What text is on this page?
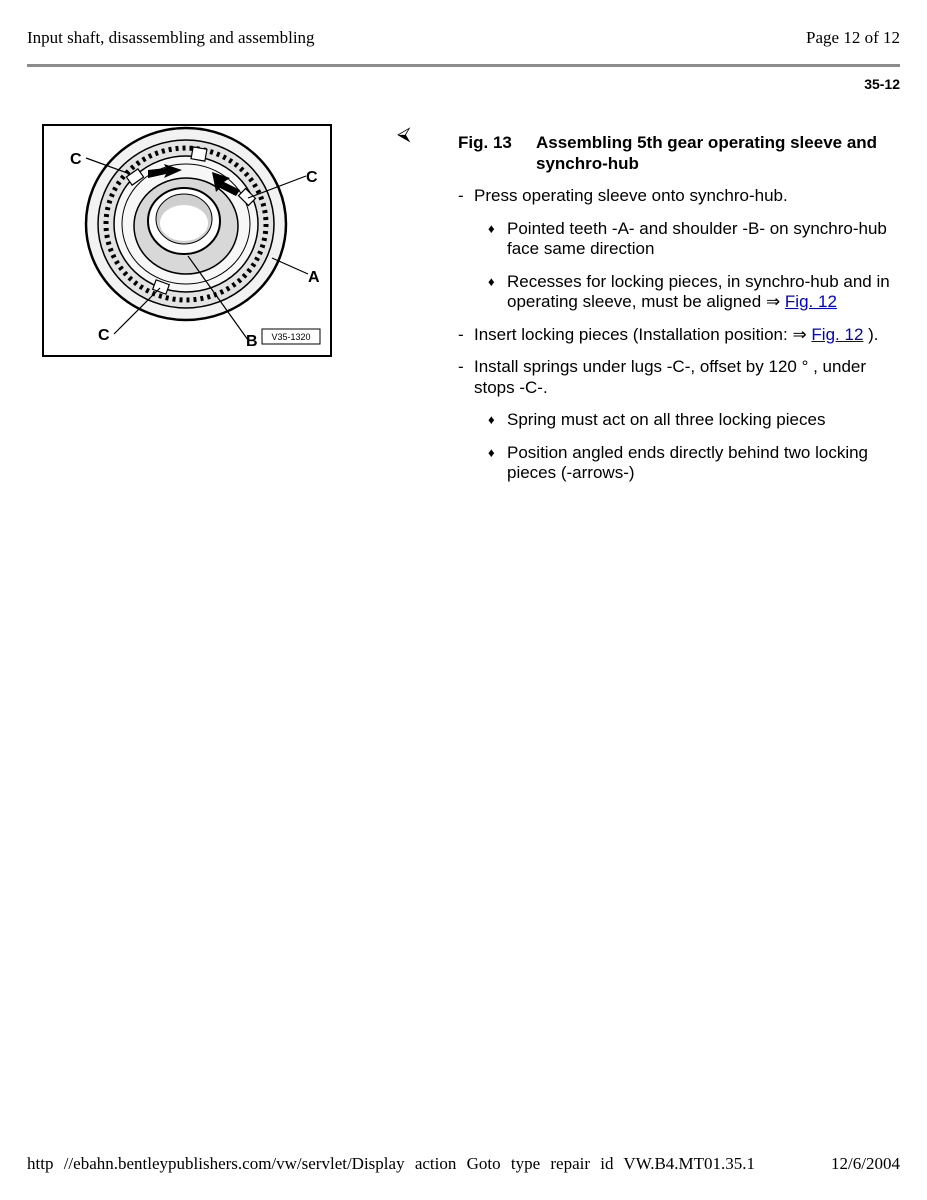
Input shaft, disassembling and assembling	Page 12 of 12
35-12
C
C
A
C	B V35-1320
⮘	Fig. 13	Assembling 5th gear operating sleeve and synchro-hub
- Press operating sleeve onto synchro-hub.
♦ Pointed teeth -A- and shoulder -B- on synchro-hub face same direction
♦ Recesses for locking pieces, in synchro-hub and in operating sleeve, must be aligned ⇒ Fig. 12
- Insert locking pieces (Installation position: ⇒ Fig. 12 ).
- Install springs under lugs -C-, offset by 120 ° , under stops -C-.
♦ Spring must act on all three locking pieces
♦ Position angled ends directly behind two locking pieces (-arrows-)
http //ebahn.bentleypublishers.com/vw/servlet/Display action Goto type repair id VW.B4.MT01.35.1	12/6/2004
